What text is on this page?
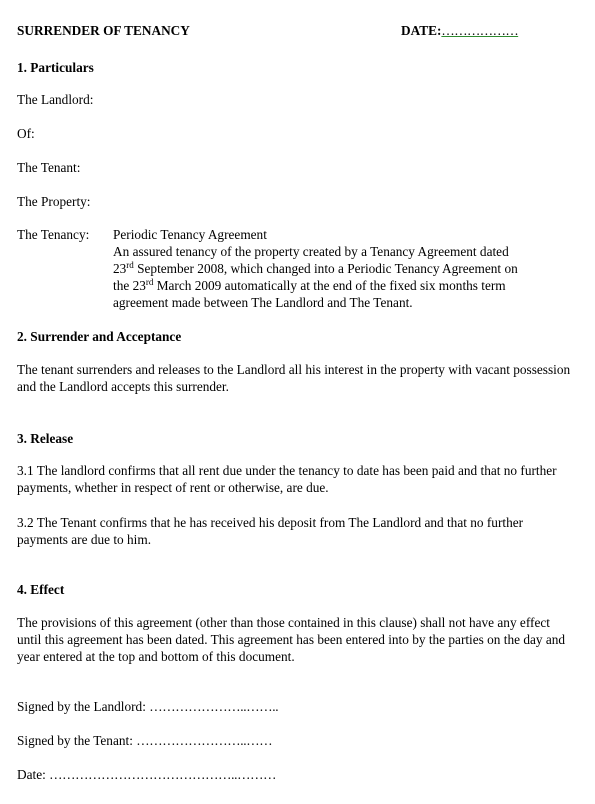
SURRENDER OF TENANCY	DATE:………………
1. Particulars
The Landlord:
Of:
The Tenant:
The Property:
The Tenancy: Periodic Tenancy Agreement
An assured tenancy of the property created by a Tenancy Agreement dated
23rd September 2008, which changed into a Periodic Tenancy Agreement on
the 23rd March 2009 automatically at the end of the fixed six months term
agreement made between The Landlord and The Tenant.
2. Surrender and Acceptance
The tenant surrenders and releases to the Landlord all his interest in the property with vacant possession and the Landlord accepts this surrender.
3. Release
3.1 The landlord confirms that all rent due under the tenancy to date has been paid and that no further payments, whether in respect of rent or otherwise, are due.
3.2 The Tenant confirms that he has received his deposit from The Landlord and that no further payments are due to him.
4. Effect
The provisions of this agreement (other than those contained in this clause) shall not have any effect until this agreement has been dated. This agreement has been entered into by the parties on the day and year entered at the top and bottom of this document.
Signed by the Landlord: …………………..……..
Signed by the Tenant: ……………………..……
Date: ……………………………………..………
